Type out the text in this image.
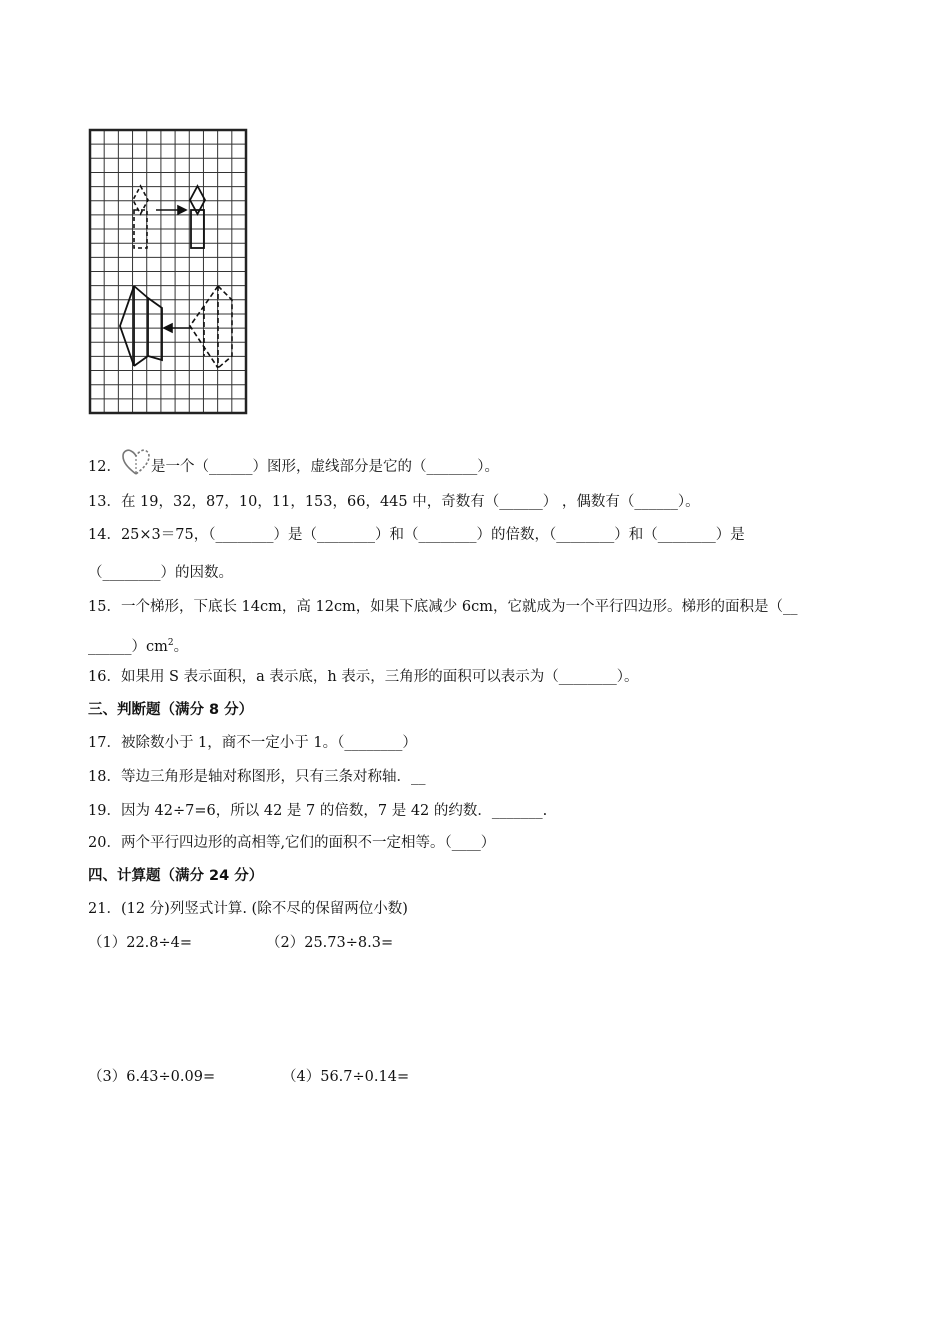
12． 是一个（______）图形，虚线部分是它的（_______）。
13．在 19，32，87，10，11，153，66，445 中，奇数有（______） ，偶数有（______）。
14．25×3＝75，（________）是（________）和（________）的倍数，（________）和（________）是
（________）的因数。
15．一个梯形，下底长 14cm，高 12cm，如果下底减少 6cm，它就成为一个平行四边形。梯形的面积是（__
$\_\_\_\_\_\_)cm^2$。
16．如果用 S 表示面积，a 表示底，h 表示，三角形的面积可以表示为（________）。
三、判断题（满分 8 分）
17．被除数小于 1，商不一定小于 1。（________）
18．等边三角形是轴对称图形，只有三条对称轴．__
19．因为 42÷7=6，所以 42 是 7 的倍数，7 是 42 的约数．_______.
20．两个平行四边形的高相等,它们的面积不一定相等。（____）
四、计算题（满分 24 分）
21．(12 分)列竖式计算. (除不尽的保留两位小数)
（1）22.8÷4=	（2）25.73÷8.3=
（3）6.43÷0.09=	（4）56.7÷0.14=
